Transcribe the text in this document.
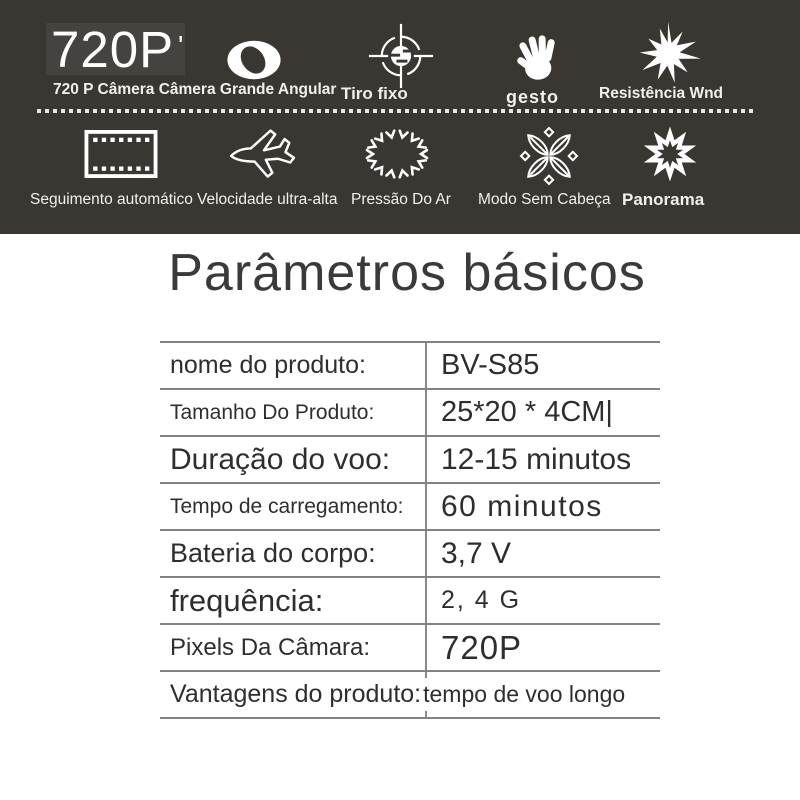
720P '
720 P Câmera Câmera Grande Angular Tiro fixo	gesto	Resistência Wnd
Seguimento automático Velocidade ultra-alta Pressão Do Ar Modo Sem Cabeça Panorama
Parâmetros básicos
nome do produto:	BV-S85
Tamanho Do Produto:	25*20 * 4CM|
Duração do voo:	12-15 minutos
Tempo de carregamento:	60 minutos
Bateria do corpo:	3,7 V
frequência:	2, 4 G
Pixels Da Câmara:	720P
Vantagens do produto: tempo de voo longo
